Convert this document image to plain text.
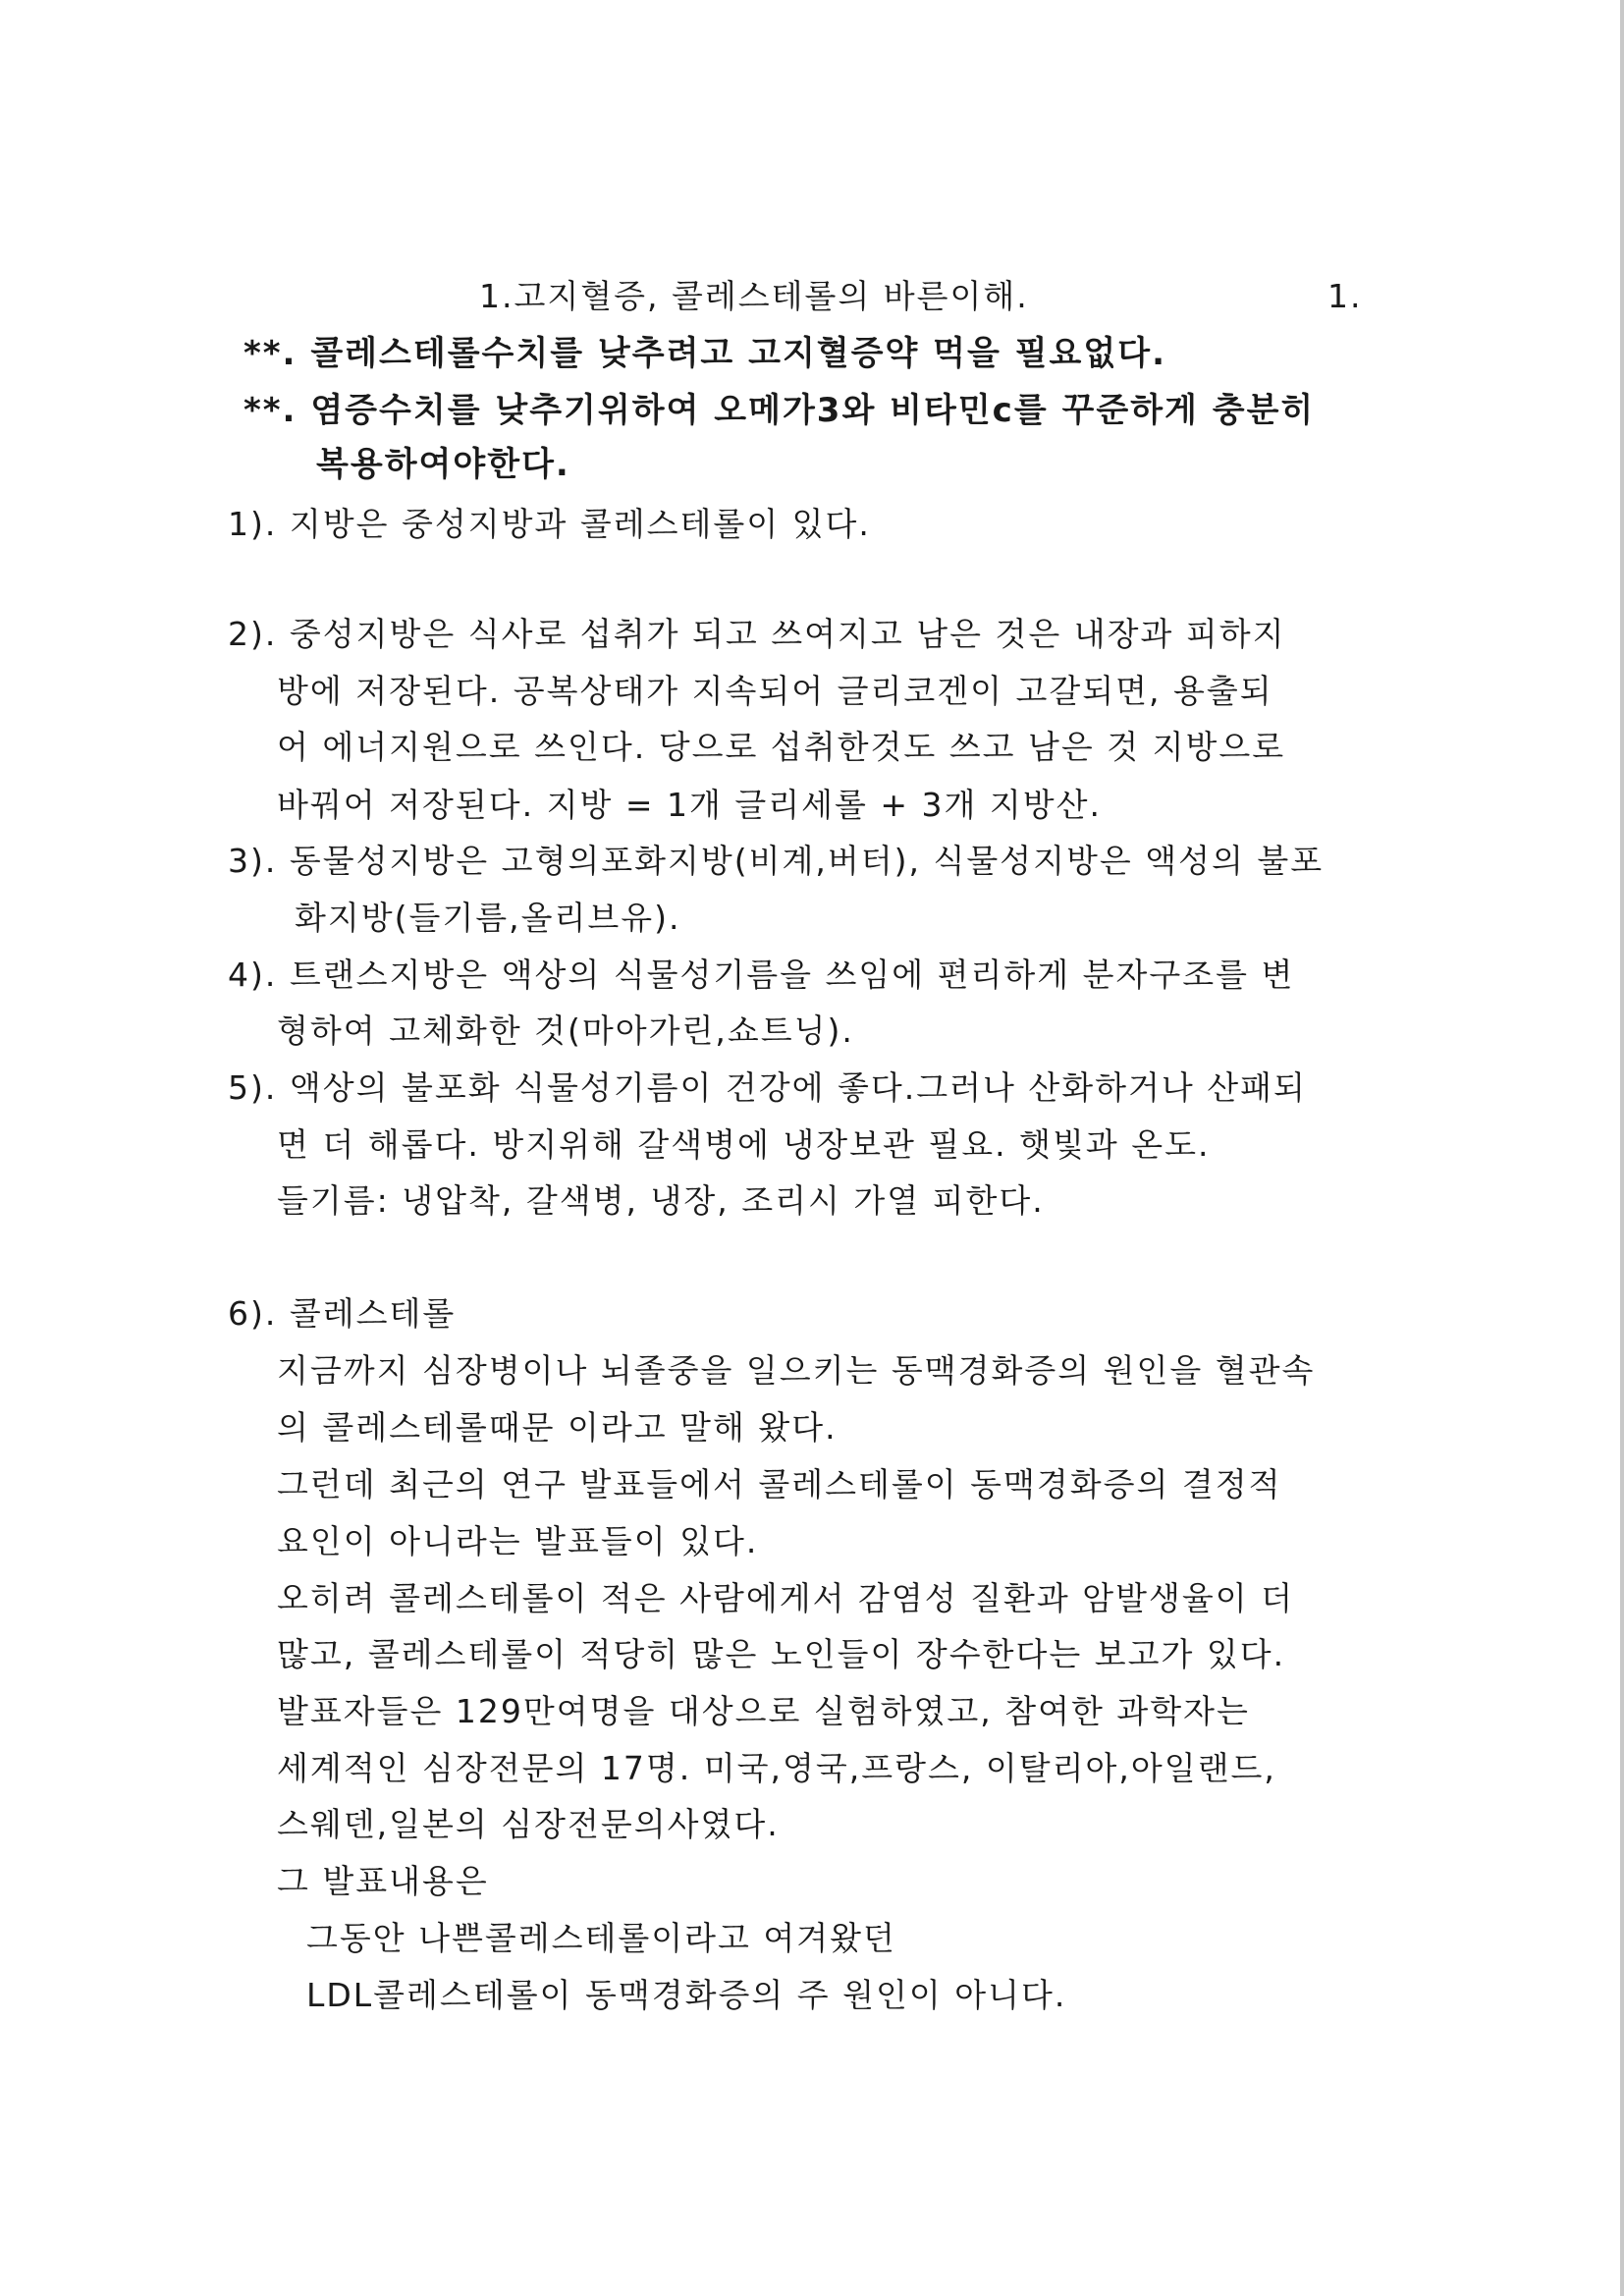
1.고지혈증, 콜레스테롤의 바른이해.	1.
**. 콜레스테롤수치를 낮추려고 고지혈증약 먹을 필요없다.
**. 염증수치를 낮추기위하여 오메가3와 비타민c를 꾸준하게 충분히
복용하여야한다.
1). 지방은 중성지방과 콜레스테롤이 있다.
2). 중성지방은 식사로 섭취가 되고 쓰여지고 남은 것은 내장과 피하지
방에 저장된다. 공복상태가 지속되어 글리코겐이 고갈되면, 용출되
어 에너지원으로 쓰인다. 당으로 섭취한것도 쓰고 남은 것 지방으로
바꿔어 저장된다. 지방 = 1개 글리세롤 + 3개 지방산.
3). 동물성지방은 고형의포화지방(비계,버터), 식물성지방은 액성의 불포
화지방(들기름,올리브유).
4). 트랜스지방은 액상의 식물성기름을 쓰임에 편리하게 분자구조를 변
형하여 고체화한 것(마아가린,쇼트닝).
5). 액상의 불포화 식물성기름이 건강에 좋다.그러나 산화하거나 산패되
면 더 해롭다. 방지위해 갈색병에 냉장보관 필요. 햇빛과 온도.
들기름: 냉압착, 갈색병, 냉장, 조리시 가열 피한다.
6). 콜레스테롤
지금까지 심장병이나 뇌졸중을 일으키는 동맥경화증의 원인을 혈관속
의 콜레스테롤때문 이라고 말해 왔다.
그런데 최근의 연구 발표들에서 콜레스테롤이 동맥경화증의 결정적
요인이 아니라는 발표들이 있다.
오히려 콜레스테롤이 적은 사람에게서 감염성 질환과 암발생율이 더
많고, 콜레스테롤이 적당히 많은 노인들이 장수한다는 보고가 있다.
발표자들은 129만여명을 대상으로 실험하였고, 참여한 과학자는
세계적인 심장전문의 17명. 미국,영국,프랑스, 이탈리아,아일랜드,
스웨덴,일본의 심장전문의사였다.
그 발표내용은
그동안 나쁜콜레스테롤이라고 여겨왔던
LDL콜레스테롤이 동맥경화증의 주 원인이 아니다.
